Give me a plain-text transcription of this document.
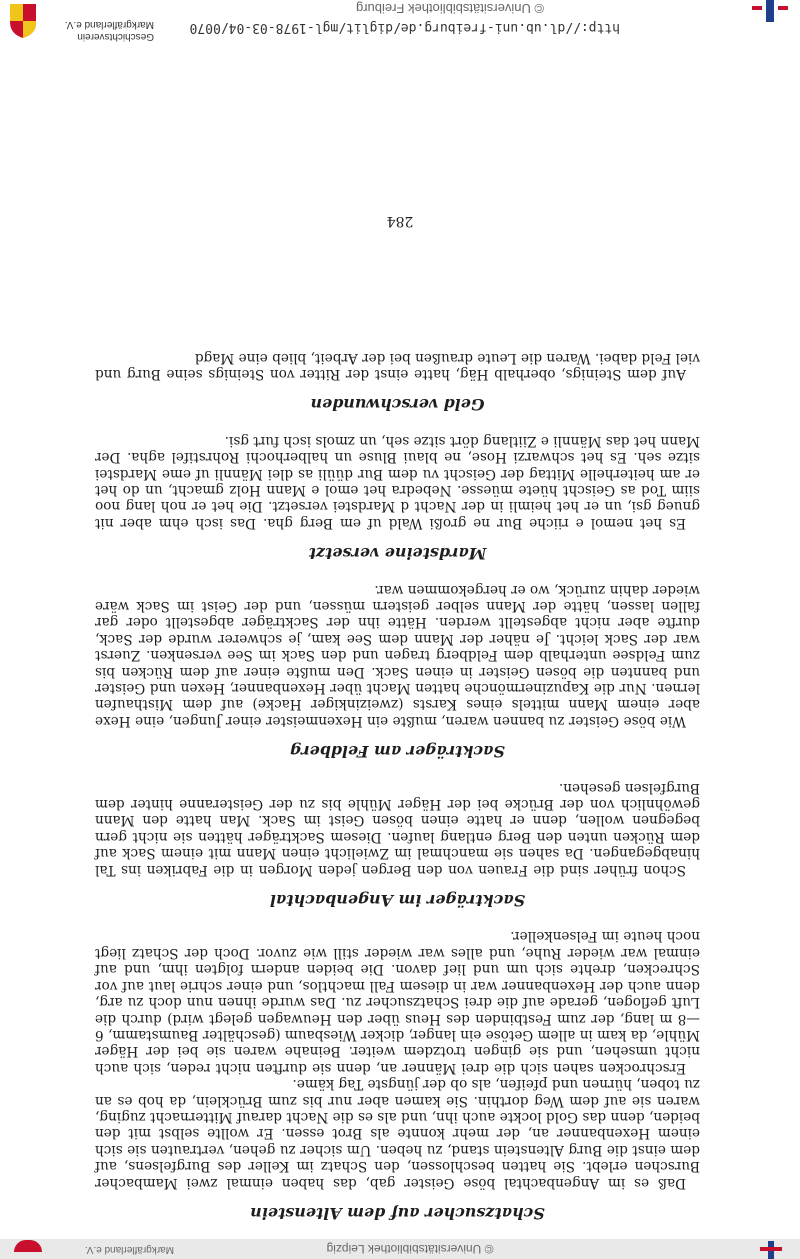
Geschichtsverein
Markgräflerland e.V.
© Universitätsbibliothek Freiburg
http://dl.ub.uni-freiburg.de/diglit/mgl-1978-03-04/0070
Schatzsucher auf dem Altenstein

Daß es im Angenbachtal böse Geister gab, das haben einmal zwei Mambacher Burschen erlebt. Sie hatten beschlossen, den Schatz im Keller des Burgfelsens, auf dem einst die Burg Altenstein stand, zu heben. Um sicher zu gehen, vertrauten sie sich einem Hexenbanner an, der mehr konnte als Brot essen. Er wollte selbst mit den beiden, denn das Gold lockte auch ihn, und als es die Nacht darauf Mitternacht zuging, waren sie auf dem Weg dorthin. Sie kamen aber nur bis zum Brücklein, da hob es an zu toben, hürnen und pfeifen, als ob der jüngste Tag käme.

Erschrocken sahen sich die drei Männer an, denn sie durften nicht reden, sich auch nicht umsehen, und sie gingen trotzdem weiter. Beinahe waren sie bei der Häger Mühle, da kam in allem Getöse ein langer, dicker Wiesbaum (geschälter Baumstamm, 6—8 m lang, der zum Festbinden des Heus über den Heuwagen gelegt wird) durch die Luft geflogen, gerade auf die drei Schatzsucher zu. Das wurde ihnen nun doch zu arg, denn auch der Hexenbanner war in diesem Fall machtlos, und einer schrie laut auf vor Schrecken, drehte sich um und lief davon. Die beiden andern folgten ihm, und auf einmal war wieder Ruhe, und alles war wieder still wie zuvor. Doch der Schatz liegt noch heute im Felsenkeller.

Sackträger im Angenbachtal

Schon früher sind die Frauen von den Bergen jeden Morgen in die Fabriken ins Tal hinabgegangen. Da sahen sie manchmal im Zwielicht einen Mann mit einem Sack auf dem Rücken unten den Berg entlang laufen. Diesem Sackträger hätten sie nicht gern begegnen wollen, denn er hatte einen bösen Geist im Sack. Man hatte den Mann gewöhnlich von der Brücke bei der Häger Mühle bis zu der Geisteranne hinter dem Burgfelsen gesehen.

Sackträger am Feldberg

Wie böse Geister zu bannen waren, mußte ein Hexenmeister einer Jungen, eine Hexe aber einem Mann mittels eines Karsts (zweizinkiger Hacke) auf dem Misthaufen lernen. Nur die Kapuzinermönche hatten Macht über Hexenbanner, Hexen und Geister und bannten die bösen Geister in einen Sack. Den mußte einer auf dem Rücken bis zum Feldsee unterhalb dem Feldberg tragen und den Sack im See versenken. Zuerst war der Sack leicht. Je näher der Mann dem See kam, je schwerer wurde der Sack, durfte aber nicht abgestellt werden. Hätte ihn der Sackträger abgestellt oder gar fallen lassen, hätte der Mann selber geistern müssen, und der Geist im Sack wäre wieder dahin zurück, wo er hergekommen war.

Mardsteine versetzt

Es het nemol e riiche Bur ne großi Wald uf em Berg gha. Das isch ehm aber nit gnueg gsi, un er het heimli in der Nacht d Mardstei versetzt. Die het er noh lang noo siim Tod as Geischt hüete müesse. Nebedra het emol e Mann Holz gmacht, un do het er am heiterhelle Mittag der Geischt vu dem Bur düüli as dlei Männli uf eme Mardstei sitze seh. Es het schwarzi Hose, ne blaui Bluse un halberhochi Rohrstifel agha. Der Mann het das Männli e Ziitlang dört sitze seh, un zmols isch furt gsi.

Geld verschwunden

Auf dem Steinigs, oberhalb Häg, hatte einst der Ritter von Steinigs seine Burg und viel Feld dabei. Waren die Leute draußen bei der Arbeit, blieb eine Magd

284
Markgräflerland e.V.	© Universitätsbibliothek Leipzig
